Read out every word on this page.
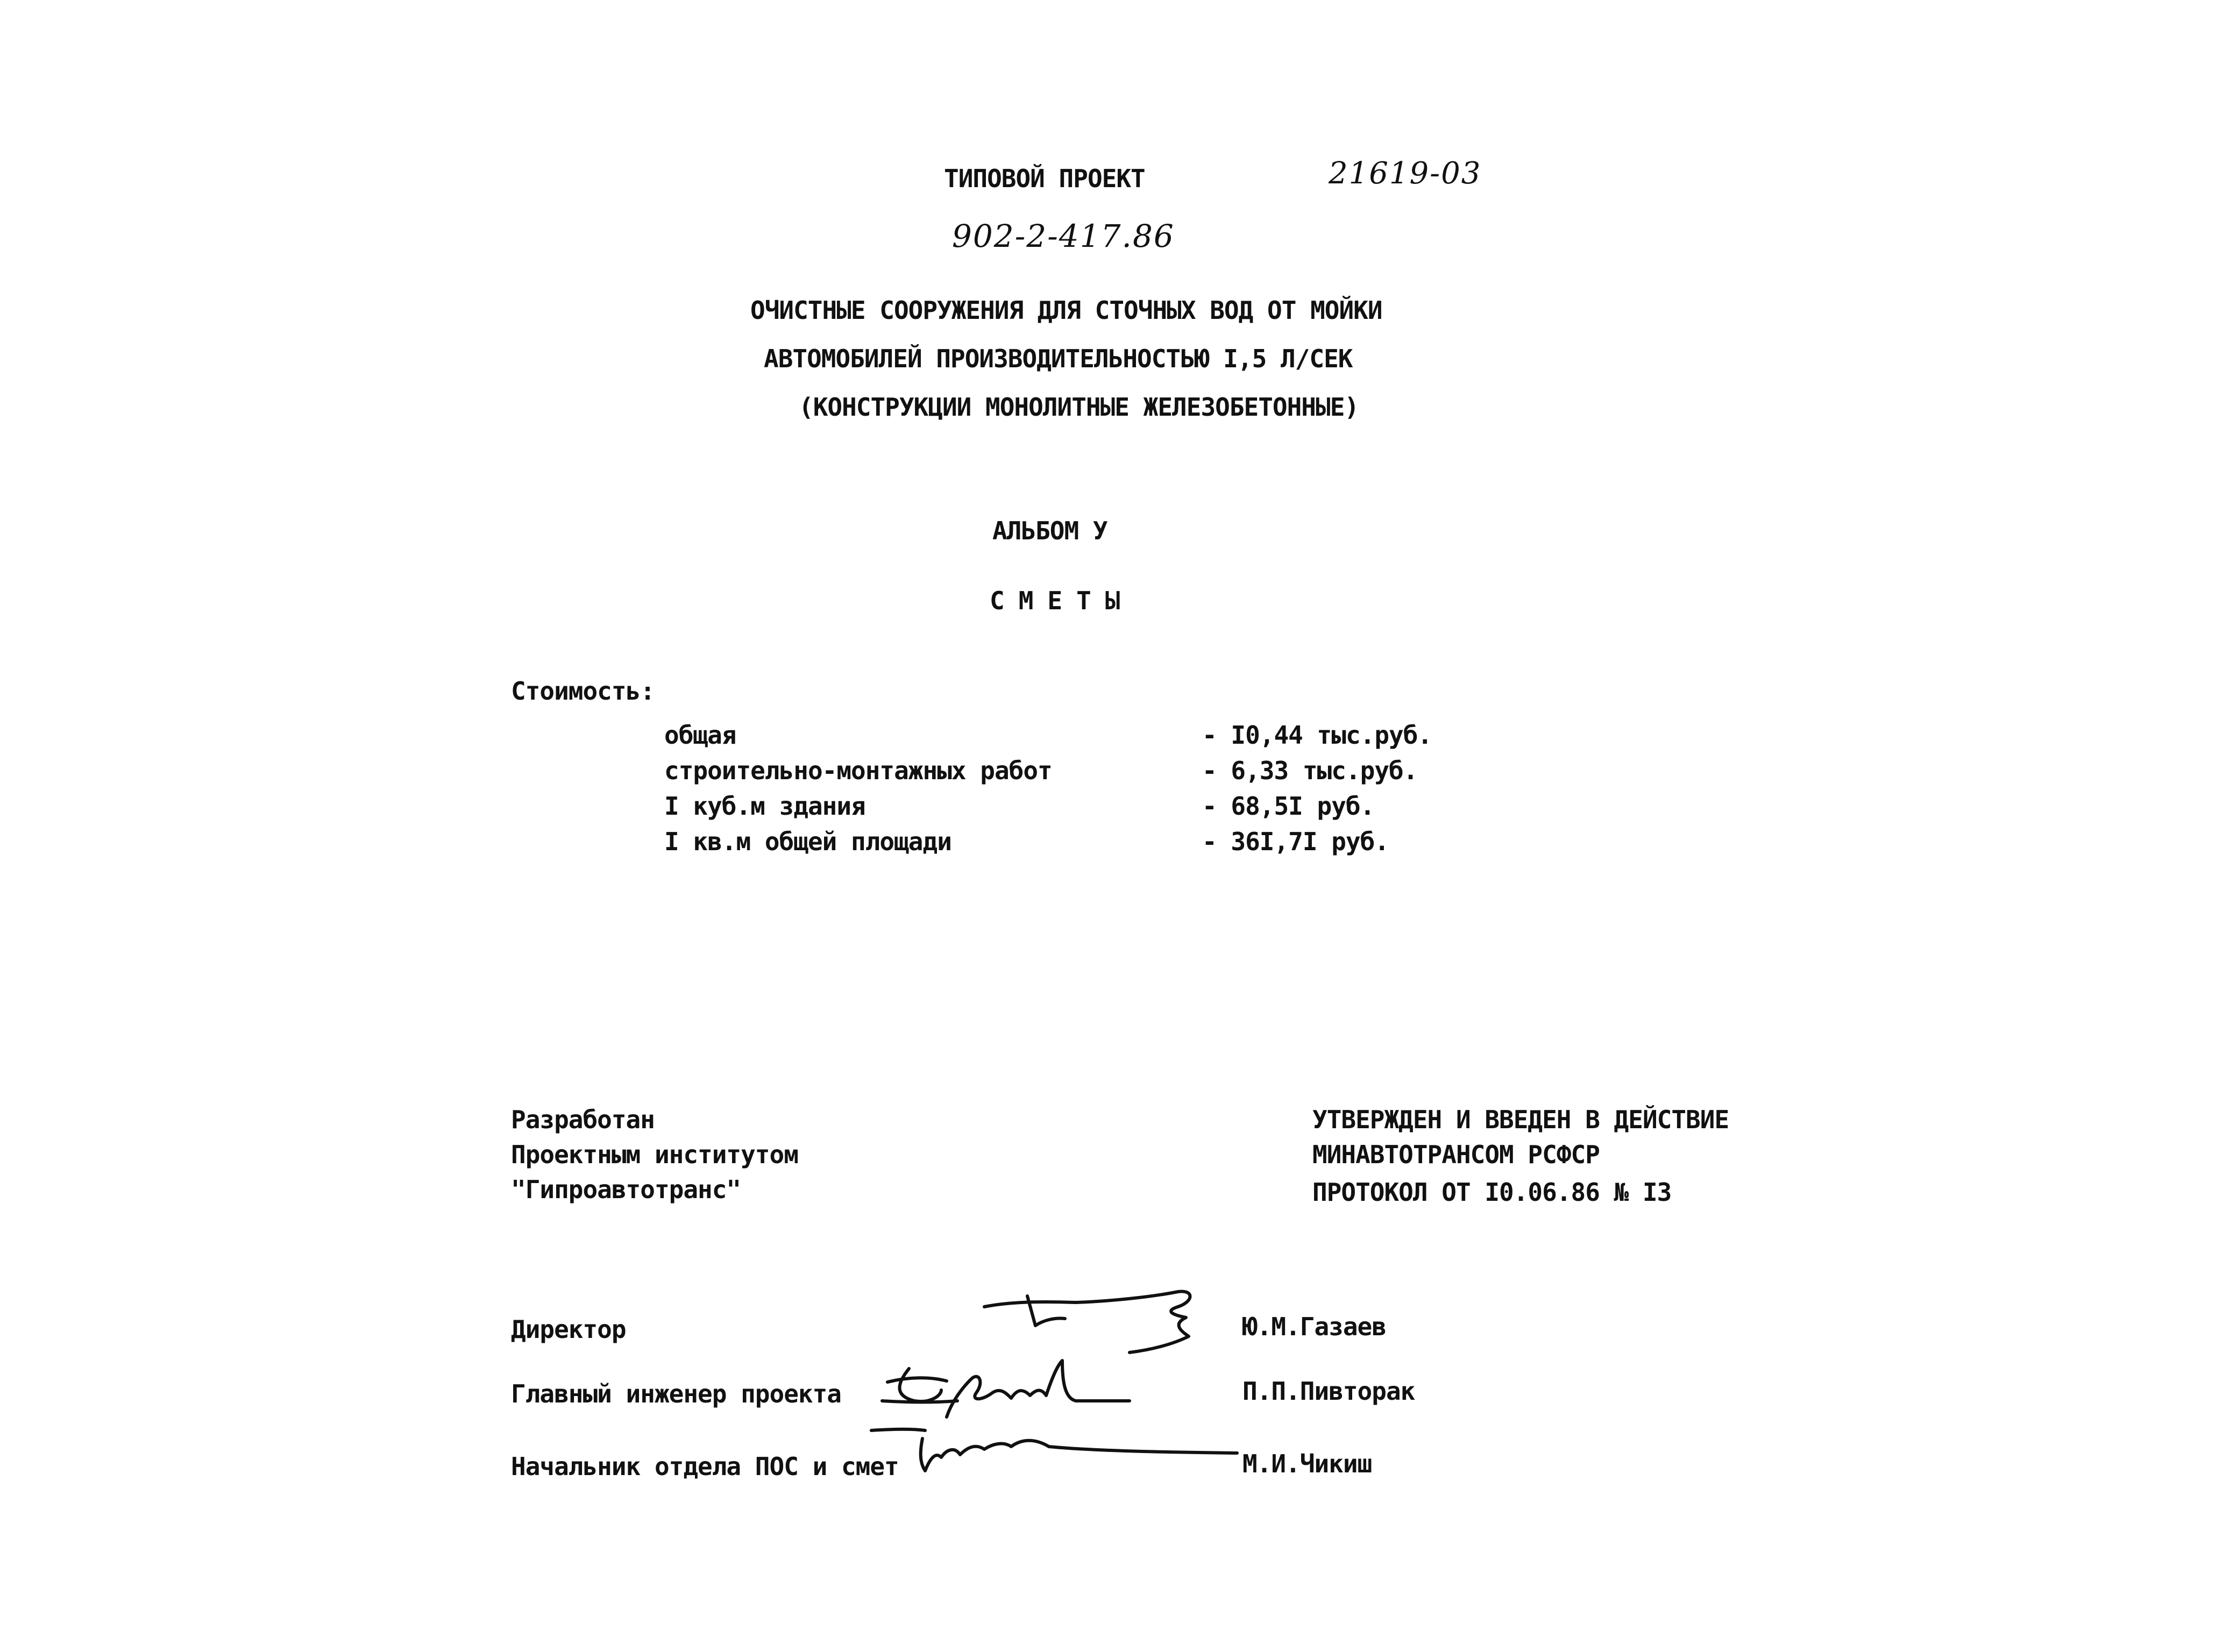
ТИПОВОЙ ПРОЕКТ	21619-03
902-2-417.86
ОЧИСТНЫЕ СООРУЖЕНИЯ ДЛЯ СТОЧНЫХ ВОД ОТ МОЙКИ
АВТОМОБИЛЕЙ ПРОИЗВОДИТЕЛЬНОСТЬЮ I,5 Л/СЕК
(КОНСТРУКЦИИ МОНОЛИТНЫЕ ЖЕЛЕЗОБЕТОННЫЕ)
АЛЬБОМ У
СМЕТЫ
Стоимость:
общая	- I0,44 тыс.руб.
строительно-монтажных работ	- 6,33 тыс.руб.
I куб.м здания	- 68,5I руб.
I кв.м общей площади	- 36I,7I руб.
Разработан
Проектным институтом
"Гипроавтотранс"
УТВЕРЖДЕН И ВВЕДЕН В ДЕЙСТВИЕ
МИНАВТОТРАНСОМ РСФСР
ПРОТОКОЛ ОТ I0.06.86 № I3
Директор	Ю.М.Газаев
Главный инженер проекта	П.П.Пивторак
Начальник отдела ПОС и смет	М.И.Чикиш
